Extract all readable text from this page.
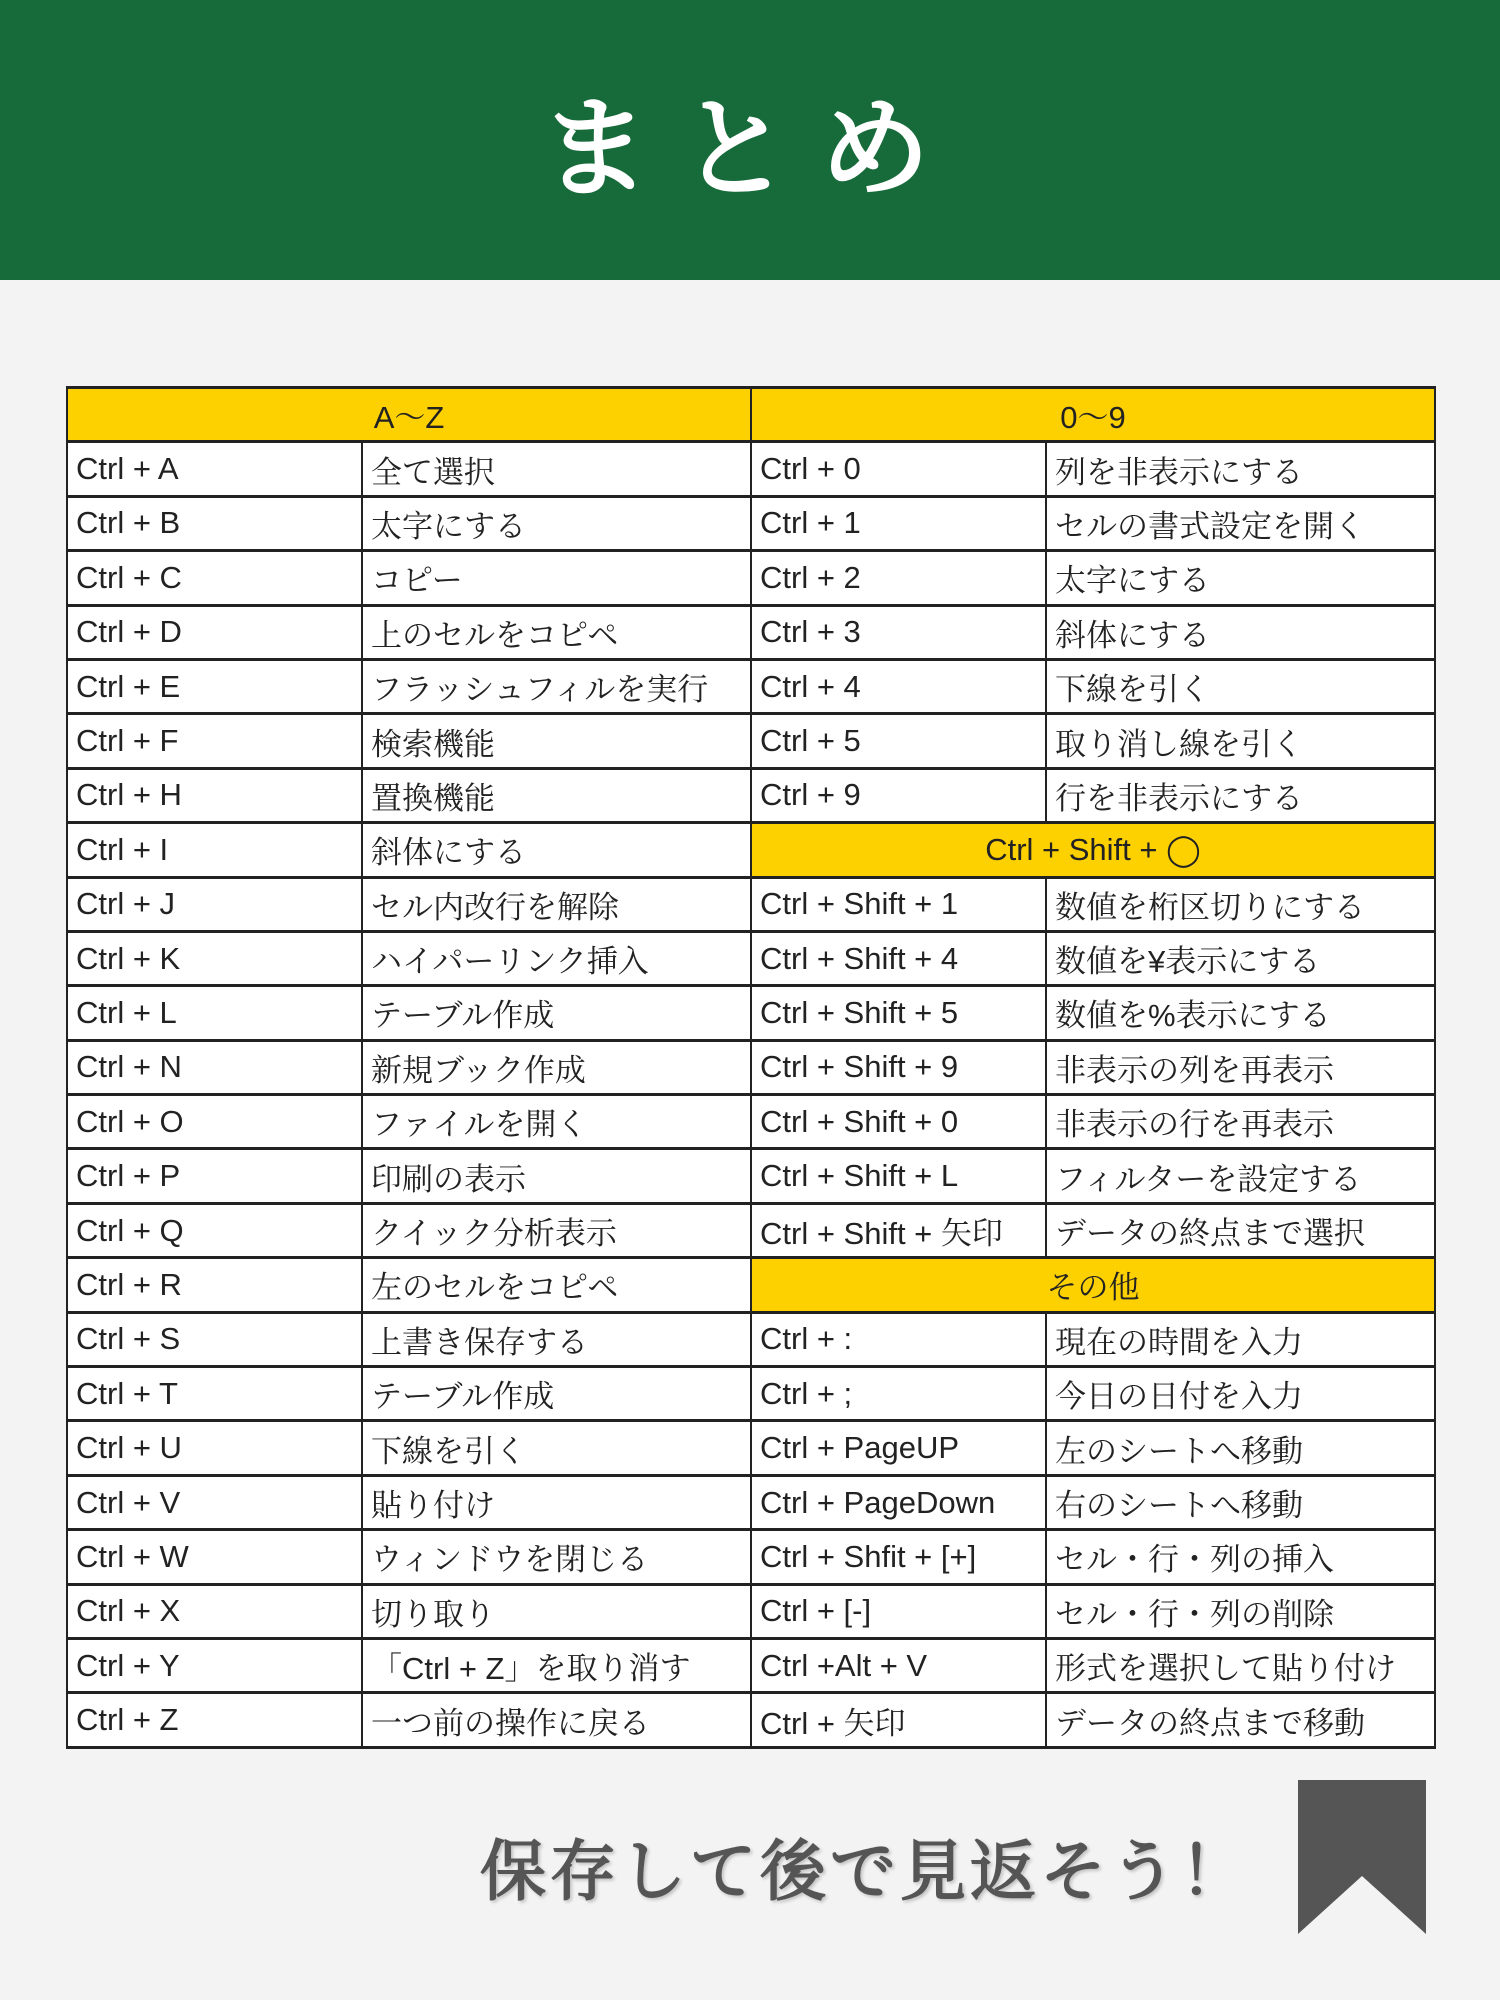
まとめ
A～Z	0～9
Ctrl + A	全て選択	Ctrl + 0	列を非表示にする
Ctrl + B	太字にする	Ctrl + 1	セルの書式設定を開く
Ctrl + C	コピー	Ctrl + 2	太字にする
Ctrl + D	上のセルをコピペ	Ctrl + 3	斜体にする
Ctrl + E	フラッシュフィルを実行	Ctrl + 4	下線を引く
Ctrl + F	検索機能	Ctrl + 5	取り消し線を引く
Ctrl + H	置換機能	Ctrl + 9	行を非表示にする
Ctrl + I	斜体にする	Ctrl + Shift + ◯
Ctrl + J	セル内改行を解除	Ctrl + Shift + 1	数値を桁区切りにする
Ctrl + K	ハイパーリンク挿入	Ctrl + Shift + 4	数値を¥表示にする
Ctrl + L	テーブル作成	Ctrl + Shift + 5	数値を%表示にする
Ctrl + N	新規ブック作成	Ctrl + Shift + 9	非表示の列を再表示
Ctrl + O	ファイルを開く	Ctrl + Shift + 0	非表示の行を再表示
Ctrl + P	印刷の表示	Ctrl + Shift + L	フィルターを設定する
Ctrl + Q	クイック分析表示	Ctrl + Shift + 矢印	データの終点まで選択
Ctrl + R	左のセルをコピペ	その他
Ctrl + S	上書き保存する	Ctrl + :	現在の時間を入力
Ctrl + T	テーブル作成	Ctrl + ;	今日の日付を入力
Ctrl + U	下線を引く	Ctrl + PageUP	左のシートへ移動
Ctrl + V	貼り付け	Ctrl + PageDown	右のシートへ移動
Ctrl + W	ウィンドウを閉じる	Ctrl + Shfit + [+]	セル・行・列の挿入
Ctrl + X	切り取り	Ctrl + [-]	セル・行・列の削除
Ctrl + Y	「Ctrl + Z」を取り消す	Ctrl +Alt + V	形式を選択して貼り付け
Ctrl + Z	一つ前の操作に戻る	Ctrl + 矢印	データの終点まで移動
保存して後で見返そう！
